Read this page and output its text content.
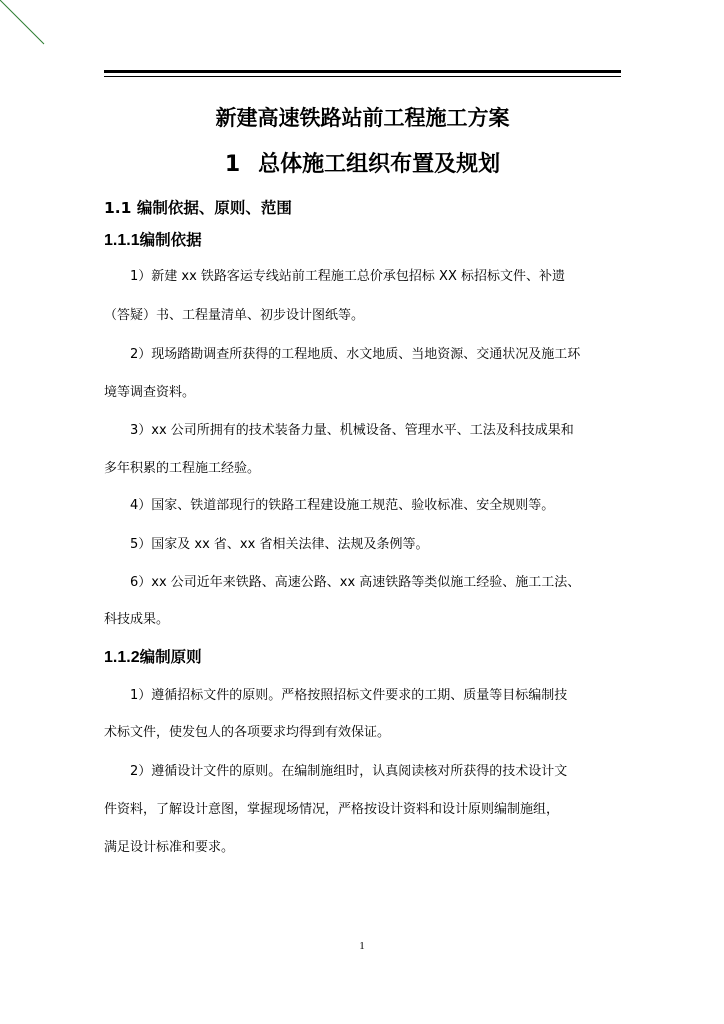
新建高速铁路站前工程施工方案
1 总体施工组织布置及规划
1.1 编制依据、原则、范围
1.1.1编制依据
1）新建 xx 铁路客运专线站前工程施工总价承包招标 XX 标招标文件、补遗
（答疑）书、工程量清单、初步设计图纸等。
2）现场踏勘调查所获得的工程地质、水文地质、当地资源、交通状况及施工环
境等调查资料。
3）xx 公司所拥有的技术装备力量、机械设备、管理水平、工法及科技成果和
多年积累的工程施工经验。
4）国家、铁道部现行的铁路工程建设施工规范、验收标准、安全规则等。
5）国家及 xx 省、xx 省相关法律、法规及条例等。
6）xx 公司近年来铁路、高速公路、xx 高速铁路等类似施工经验、施工工法、
科技成果。
1.1.2编制原则
1）遵循招标文件的原则。严格按照招标文件要求的工期、质量等目标编制技
术标文件，使发包人的各项要求均得到有效保证。
2）遵循设计文件的原则。在编制施组时，认真阅读核对所获得的技术设计文
件资料，了解设计意图，掌握现场情况，严格按设计资料和设计原则编制施组，
满足设计标准和要求。
1
